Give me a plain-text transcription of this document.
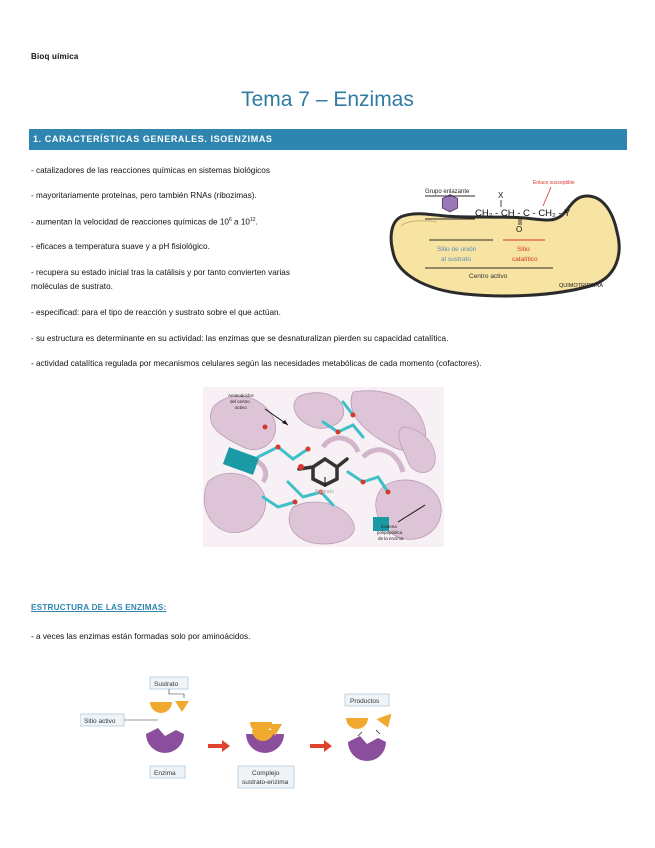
Bioq uímica
Tema 7 – Enzimas
1. CARACTERÍSTICAS GENERALES. ISOENZIMAS
- catalizadores de las reacciones químicas en sistemas biológicos
- mayoritariamente proteínas, pero también RNAs (ribozimas).
- aumentan la velocidad de reacciones químicas de $10^6$ a $10^{12}$.
- eficaces a temperatura suave y a pH fisiológico.
- recupera su estado inicial tras la catálisis y por tanto convierten varias
moléculas de sustrato.
- especificad: para el tipo de reacción y sustrato sobre el que actúan.
- su estructura es determinante en su actividad: las enzimas que se desnaturalizan pierden su capacidad catalítica.
- actividad catalítica regulada por mecanismos celulares según las necesidades metabólicas de cada momento (cofactores).
Grupo enlazante
Enlace susceptible
X
CH₂ - CH - C - CH₂ - Y
O
Sitio de unión
al sustrato
Sitio
catalítico
Centro activo
QUIMOTRIPSINA
Aminoácidos
del centro
activo
Sustrato
Cadena
polipeptídica
de la enzima
ESTRUCTURA DE LAS ENZIMAS:
- a veces las enzimas están formadas solo por aminoácidos.
Sustrato
Sitio activo
Enzima	Complejo
sustrato-enzima
Productos
